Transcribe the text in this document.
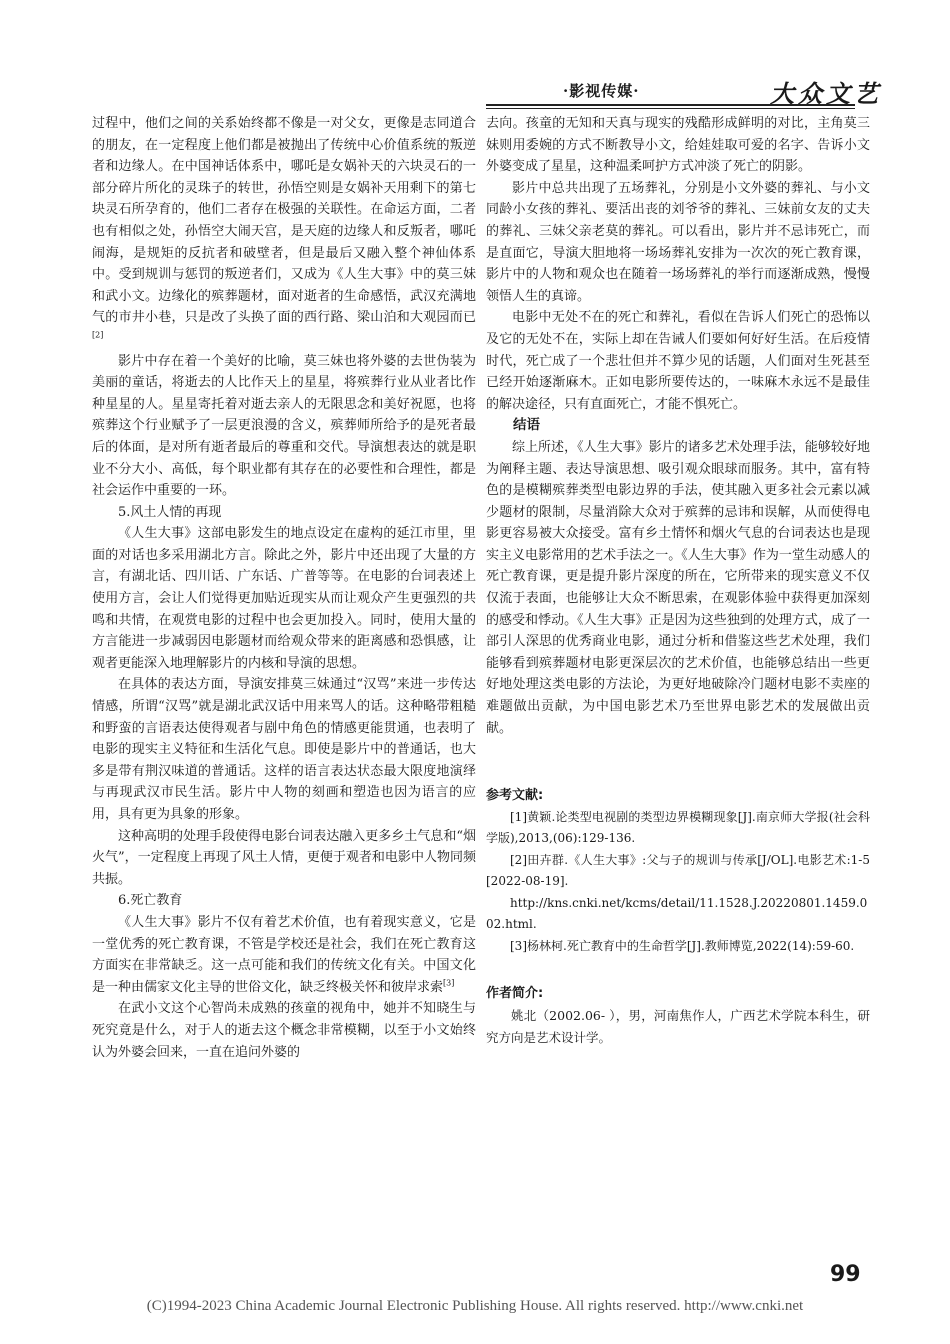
·影视传媒·	大众文艺

过程中，他们之间的关系始终都不像是一对父女，更像是志同道合的朋友，在一定程度上他们都是被抛出了传统中心价值系统的叛逆者和边缘人。在中国神话体系中，哪吒是女娲补天的六块灵石的一部分碎片所化的灵珠子的转世，孙悟空则是女娲补天用剩下的第七块灵石所孕育的，他们二者存在极强的关联性。在命运方面，二者也有相似之处，孙悟空大闹天宫，是天庭的边缘人和反叛者，哪吒闹海，是规矩的反抗者和破壁者，但是最后又融入整个神仙体系中。受到规训与惩罚的叛逆者们，又成为《人生大事》中的莫三妹和武小文。边缘化的殡葬题材，面对逝者的生命感悟，武汉充满地气的市井小巷，只是改了头换了面的西行路、梁山泊和大观园而已[2]

影片中存在着一个美好的比喻，莫三妹也将外婆的去世伪装为美丽的童话，将逝去的人比作天上的星星，将殡葬行业从业者比作种星星的人。星星寄托着对逝去亲人的无限思念和美好祝愿，也将殡葬这个行业赋予了一层更浪漫的含义，殡葬师所给予的是死者最后的体面，是对所有逝者最后的尊重和交代。导演想表达的就是职业不分大小、高低，每个职业都有其存在的必要性和合理性，都是社会运作中重要的一环。

5.风土人情的再现

《人生大事》这部电影发生的地点设定在虚构的延江市里，里面的对话也多采用湖北方言。除此之外，影片中还出现了大量的方言，有湖北话、四川话、广东话、广普等等。在电影的台词表述上使用方言，会让人们觉得更加贴近现实从而让观众产生更强烈的共鸣和共情，在观赏电影的过程中也会更加投入。同时，使用大量的方言能进一步减弱因电影题材而给观众带来的距离感和恐惧感，让观者更能深入地理解影片的内核和导演的思想。

在具体的表达方面，导演安排莫三妹通过“汉骂”来进一步传达情感，所谓“汉骂”就是湖北武汉话中用来骂人的话。这种略带粗糙和野蛮的言语表达使得观者与剧中角色的情感更能贯通，也表明了电影的现实主义特征和生活化气息。即使是影片中的普通话，也大多是带有荆汉味道的普通话。这样的语言表达状态最大限度地演绎与再现武汉市民生活。影片中人物的刻画和塑造也因为语言的应用，具有更为具象的形象。

这种高明的处理手段使得电影台词表达融入更多乡土气息和“烟火气”，一定程度上再现了风土人情，更便于观者和电影中人物同频共振。

6.死亡教育

《人生大事》影片不仅有着艺术价值，也有着现实意义，它是一堂优秀的死亡教育课，不管是学校还是社会，我们在死亡教育这方面实在非常缺乏。这一点可能和我们的传统文化有关。中国文化是一种由儒家文化主导的世俗文化，缺乏终极关怀和彼岸求索[3]

在武小文这个心智尚未成熟的孩童的视角中，她并不知晓生与死究竟是什么，对于人的逝去这个概念非常模糊，以至于小文始终认为外婆会回来，一直在追问外婆的

去向。孩童的无知和天真与现实的残酷形成鲜明的对比，主角莫三妹则用委婉的方式不断教导小文，给娃娃取可爱的名字、告诉小文外婆变成了星星，这种温柔呵护方式冲淡了死亡的阴影。

影片中总共出现了五场葬礼，分别是小文外婆的葬礼、与小文同龄小女孩的葬礼、要活出丧的刘爷爷的葬礼、三妹前女友的丈夫的葬礼、三妹父亲老莫的葬礼。可以看出，影片并不忌讳死亡，而是直面它，导演大胆地将一场场葬礼安排为一次次的死亡教育课，影片中的人物和观众也在随着一场场葬礼的举行而逐渐成熟，慢慢领悟人生的真谛。

电影中无处不在的死亡和葬礼，看似在告诉人们死亡的恐怖以及它的无处不在，实际上却在告诫人们要如何好好生活。在后疫情时代，死亡成了一个悲壮但并不算少见的话题，人们面对生死甚至已经开始逐渐麻木。正如电影所要传达的，一味麻木永远不是最佳的解决途径，只有直面死亡，才能不惧死亡。

结语

综上所述，《人生大事》影片的诸多艺术处理手法，能够较好地为阐释主题、表达导演思想、吸引观众眼球而服务。其中，富有特色的是模糊殡葬类型电影边界的手法，使其融入更多社会元素以减少题材的限制，尽量消除大众对于殡葬的忌讳和误解，从而使得电影更容易被大众接受。富有乡土情怀和烟火气息的台词表达也是现实主义电影常用的艺术手法之一。《人生大事》作为一堂生动感人的死亡教育课，更是提升影片深度的所在，它所带来的现实意义不仅仅流于表面，也能够让大众不断思索，在观影体验中获得更加深刻的感受和悸动。《人生大事》正是因为这些独到的处理方式，成了一部引人深思的优秀商业电影，通过分析和借鉴这些艺术处理，我们能够看到殡葬题材电影更深层次的艺术价值，也能够总结出一些更好地处理这类电影的方法论，为更好地破除冷门题材电影不卖座的难题做出贡献，为中国电影艺术乃至世界电影艺术的发展做出贡献。

参考文献:

[1]黄颖.论类型电视剧的类型边界模糊现象[J].南京师大学报(社会科学版),2013,(06):129-136.

[2]田卉群.《人生大事》:父与子的规训与传承[J/OL].电影艺术:1-5[2022-08-19].

http://kns.cnki.net/kcms/detail/11.1528.J.20220801.1459.002.html.

[3]杨林柯.死亡教育中的生命哲学[J].教师博览,2022(14):59-60.

作者简介:

姚北（2002.06- ），男，河南焦作人，广西艺术学院本科生，研究方向是艺术设计学。

99
(C)1994-2023 China Academic Journal Electronic Publishing House. All rights reserved. http://www.cnki.net
